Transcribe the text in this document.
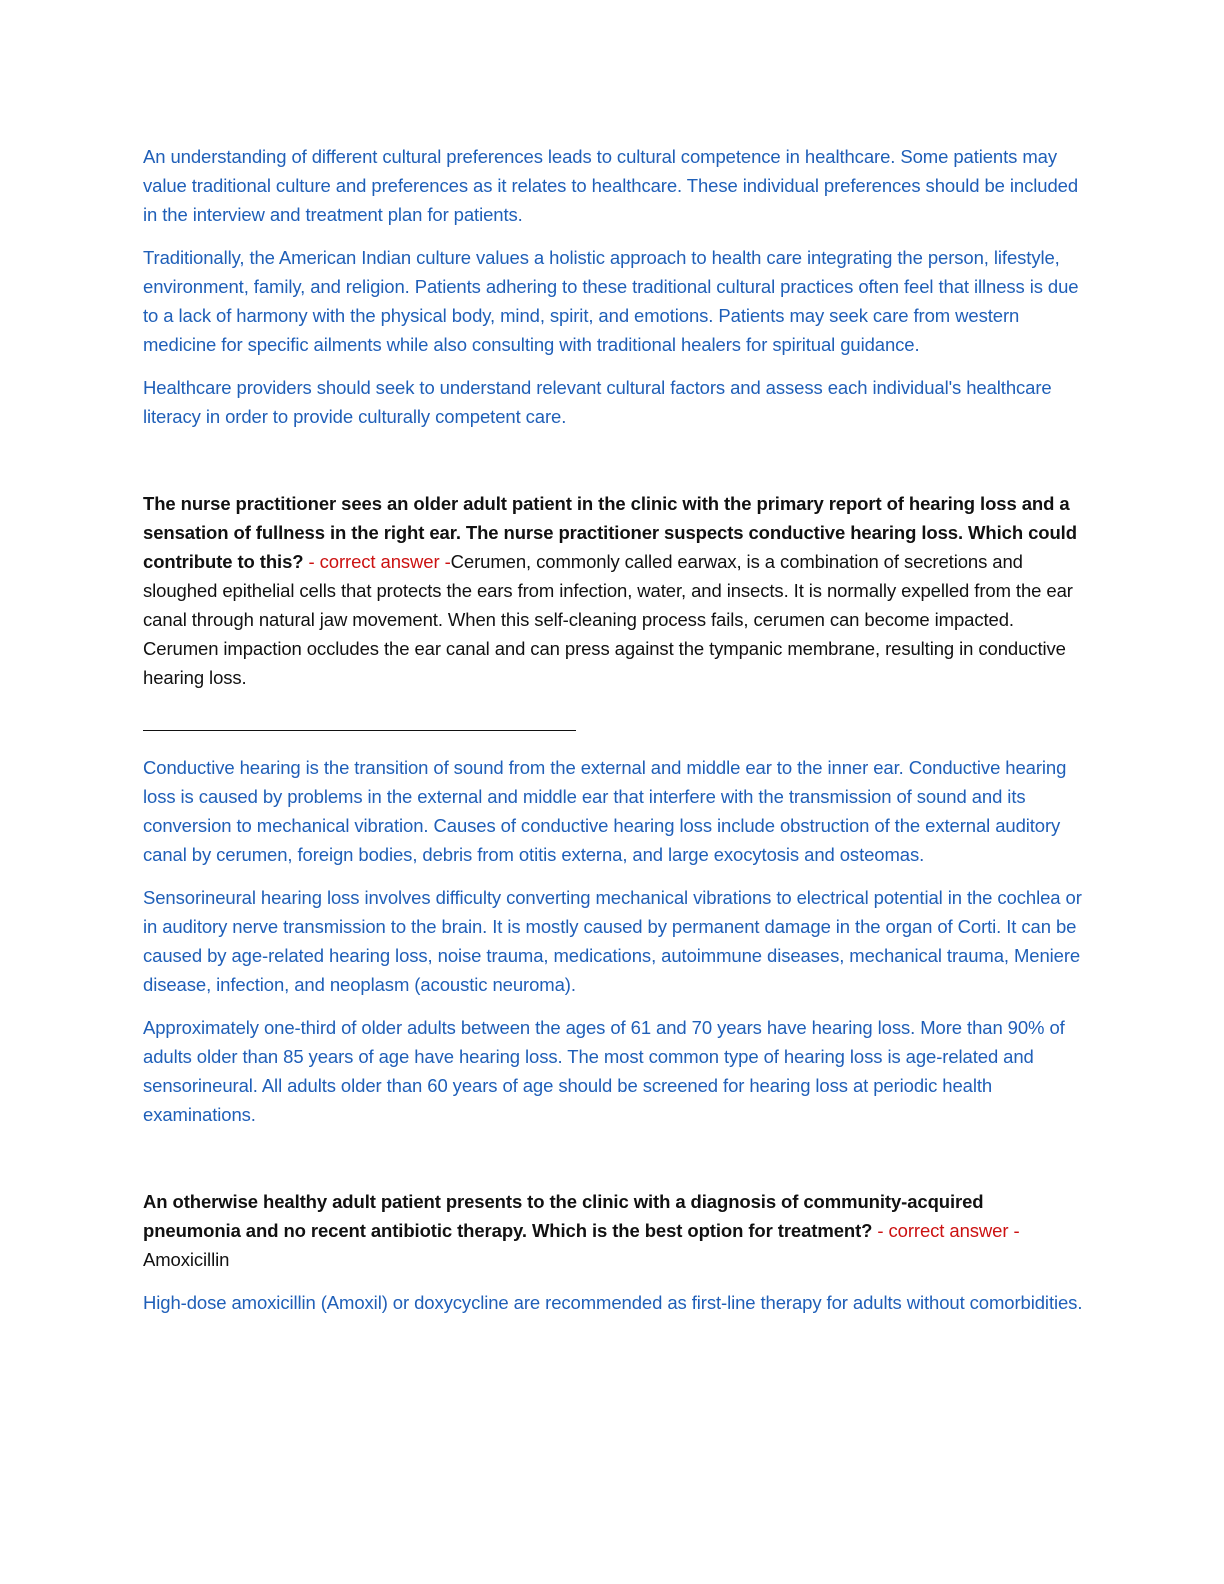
An understanding of different cultural preferences leads to cultural competence in healthcare. Some patients may value traditional culture and preferences as it relates to healthcare. These individual preferences should be included in the interview and treatment plan for patients.

Traditionally, the American Indian culture values a holistic approach to health care integrating the person, lifestyle, environment, family, and religion. Patients adhering to these traditional cultural practices often feel that illness is due to a lack of harmony with the physical body, mind, spirit, and emotions. Patients may seek care from western medicine for specific ailments while also consulting with traditional healers for spiritual guidance.

Healthcare providers should seek to understand relevant cultural factors and assess each individual's healthcare literacy in order to provide culturally competent care.

The nurse practitioner sees an older adult patient in the clinic with the primary report of hearing loss and a sensation of fullness in the right ear. The nurse practitioner suspects conductive hearing loss. Which could contribute to this? - correct answer -Cerumen, commonly called earwax, is a combination of secretions and sloughed epithelial cells that protects the ears from infection, water, and insects. It is normally expelled from the ear canal through natural jaw movement. When this self-cleaning process fails, cerumen can become impacted. Cerumen impaction occludes the ear canal and can press against the tympanic membrane, resulting in conductive hearing loss.

Conductive hearing is the transition of sound from the external and middle ear to the inner ear. Conductive hearing loss is caused by problems in the external and middle ear that interfere with the transmission of sound and its conversion to mechanical vibration. Causes of conductive hearing loss include obstruction of the external auditory canal by cerumen, foreign bodies, debris from otitis externa, and large exocytosis and osteomas.

Sensorineural hearing loss involves difficulty converting mechanical vibrations to electrical potential in the cochlea or in auditory nerve transmission to the brain. It is mostly caused by permanent damage in the organ of Corti. It can be caused by age-related hearing loss, noise trauma, medications, autoimmune diseases, mechanical trauma, Meniere disease, infection, and neoplasm (acoustic neuroma).

Approximately one-third of older adults between the ages of 61 and 70 years have hearing loss. More than 90% of adults older than 85 years of age have hearing loss. The most common type of hearing loss is age-related and sensorineural. All adults older than 60 years of age should be screened for hearing loss at periodic health examinations.

An otherwise healthy adult patient presents to the clinic with a diagnosis of community-acquired pneumonia and no recent antibiotic therapy. Which is the best option for treatment? - correct answer -Amoxicillin

High-dose amoxicillin (Amoxil) or doxycycline are recommended as first-line therapy for adults without comorbidities.
